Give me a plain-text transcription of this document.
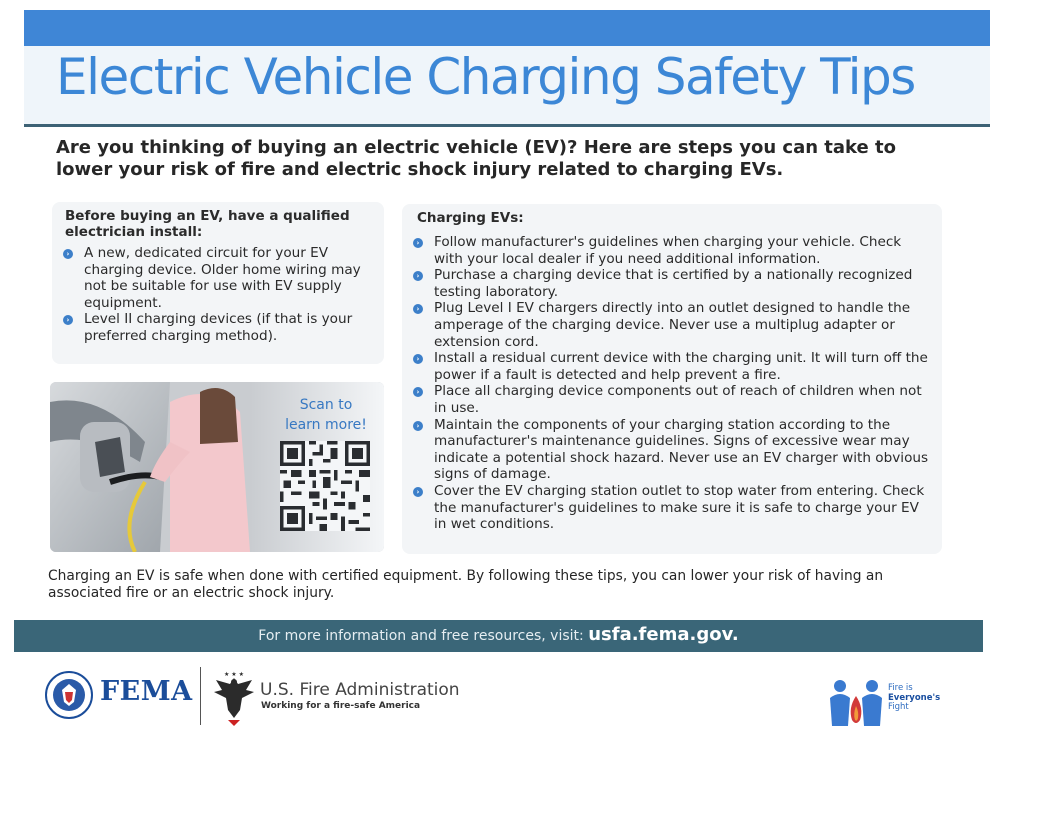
Electric Vehicle Charging Safety Tips
Are you thinking of buying an electric vehicle (EV)? Here are steps you can take to lower your risk of fire and electric shock injury related to charging EVs.
Before buying an EV, have a qualified electrician install:
› A new, dedicated circuit for your EV charging device. Older home wiring may not be suitable for use with EV supply equipment.
› Level II charging devices (if that is your preferred charging method).
Charging EVs:
› Follow manufacturer's guidelines when charging your vehicle. Check with your local dealer if you need additional information.
› Purchase a charging device that is certified by a nationally recognized testing laboratory.
› Plug Level I EV chargers directly into an outlet designed to handle the amperage of the charging device. Never use a multiplug adapter or extension cord.
› Install a residual current device with the charging unit. It will turn off the power if a fault is detected and help prevent a fire.
› Place all charging device components out of reach of children when not in use.
› Maintain the components of your charging station according to the manufacturer's maintenance guidelines. Signs of excessive wear may indicate a potential shock hazard. Never use an EV charger with obvious signs of damage.
› Cover the EV charging station outlet to stop water from entering. Check the manufacturer's guidelines to make sure it is safe to charge your EV in wet conditions.
Scan to
learn more!
Charging an EV is safe when done with certified equipment. By following these tips, you can lower your risk of having an associated fire or an electric shock injury.
For more information and free resources, visit: usfa.fema.gov.
FEMA
★ ★ ★
U.S. Fire Administration
Working for a fire-safe America
Fire is
Everyone's
Fight
